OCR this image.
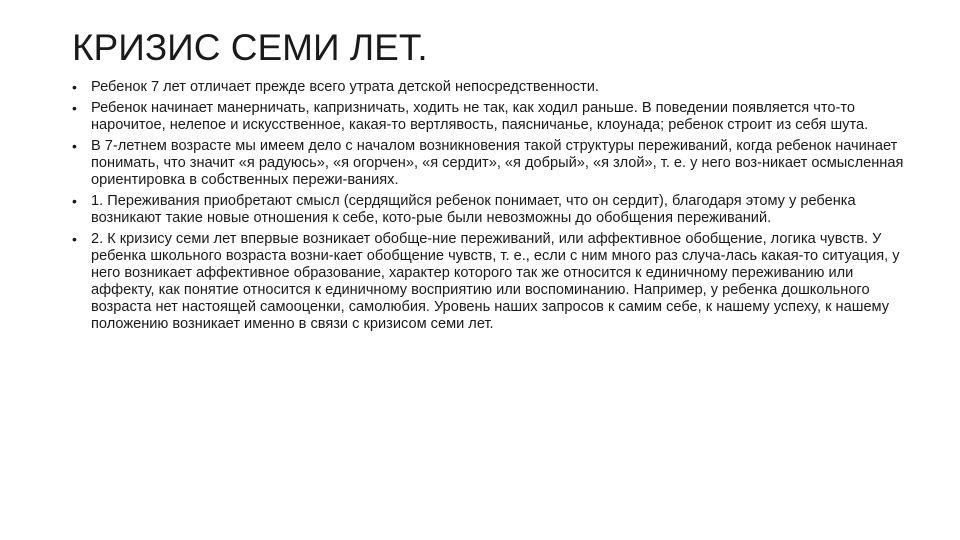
КРИЗИС СЕМИ ЛЕТ.
• Ребенок 7 лет отличает прежде всего утрата детской непосредственности.
• Ребенок начинает манерничать, капризничать, ходить не так, как ходил раньше. В поведении появляется что-то нарочитое, нелепое и искусственное, какая-то вертлявость, паясничанье, клоунада; ребенок строит из себя шута.
• В 7-летнем возрасте мы имеем дело с началом возникновения такой структуры переживаний, когда ребенок начинает понимать, что значит «я радуюсь», «я огорчен», «я сердит», «я добрый», «я злой», т. е. у него воз-никает осмысленная ориентировка в собственных пережи-ваниях.
• 1. Переживания приобретают смысл (сердящийся ребенок понимает, что он сердит), благодаря этому у ребенка возникают такие новые отношения к себе, кото-рые были невозможны до обобщения переживаний.
• 2. К кризису семи лет впервые возникает обобще-ние переживаний, или аффективное обобщение, логика чувств. У ребенка школьного возраста возни-кает обобщение чувств, т. е., если с ним много раз случа-лась какая-то ситуация, у него возникает аффективное образование, характер которого так же относится к единичному переживанию или аффекту, как понятие относится к единичному восприятию или воспоминанию. Например, у ребенка дошкольного возраста нет настоящей самооценки, самолюбия. Уровень наших запросов к самим себе, к нашему успеху, к нашему положению возникает именно в связи с кризисом семи лет.
